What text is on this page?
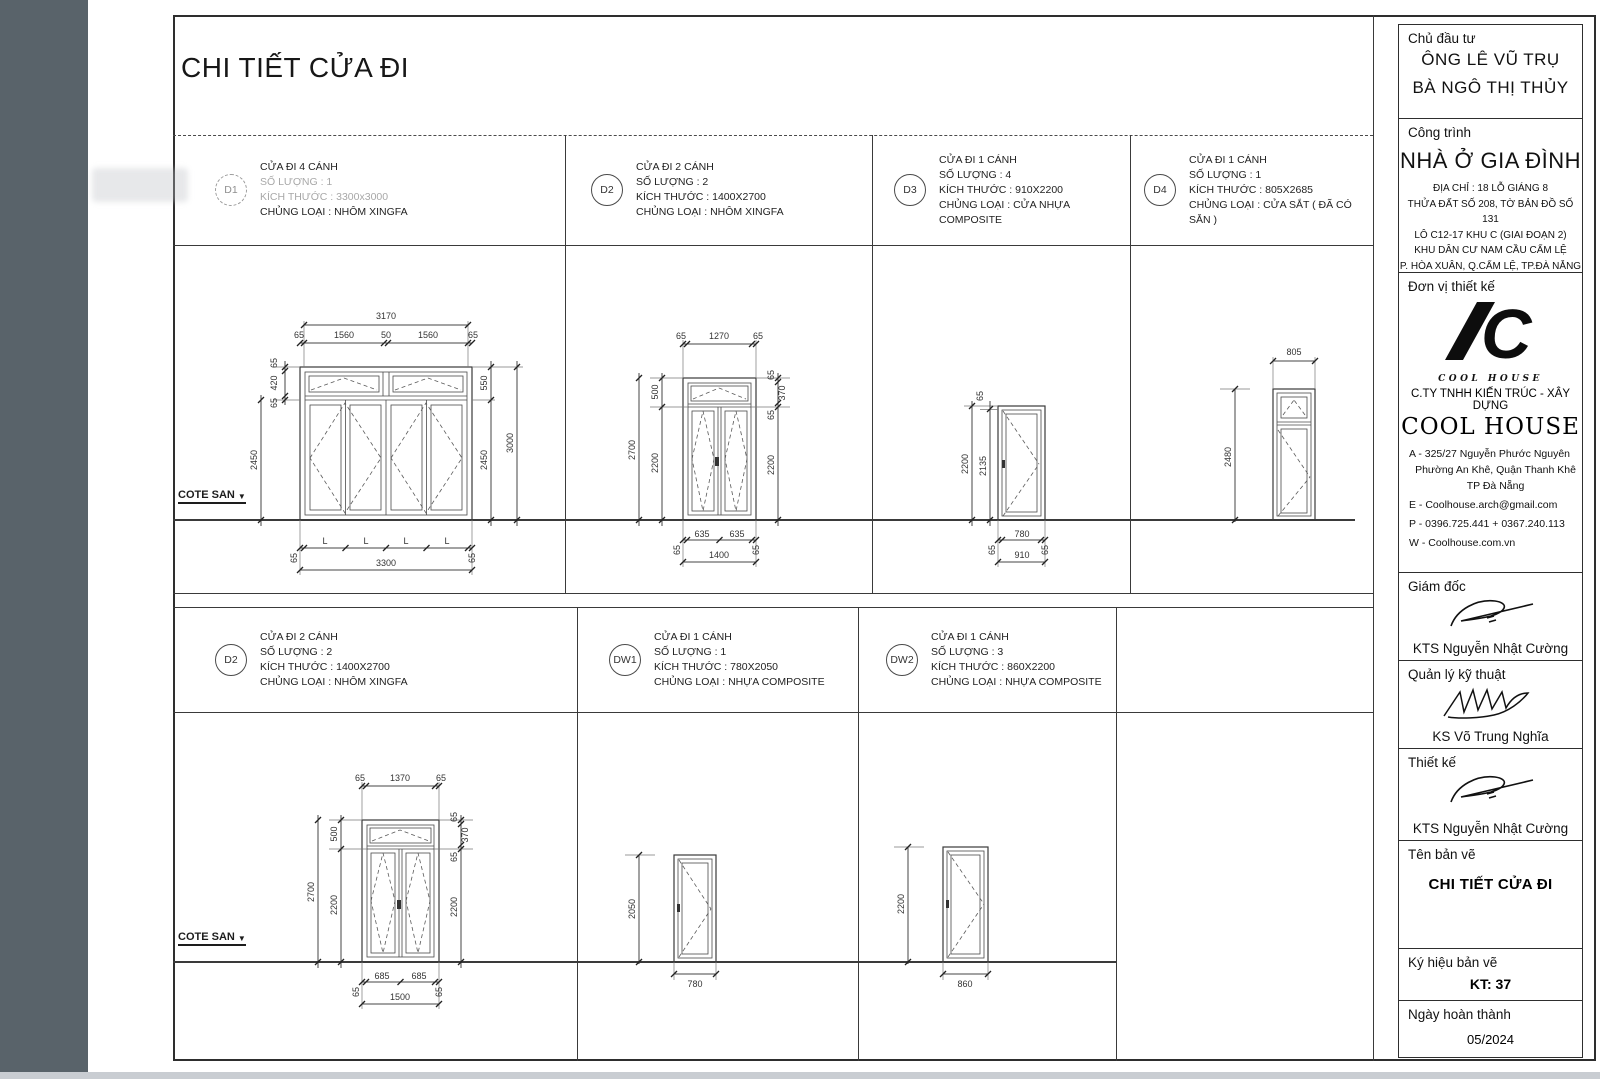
CHI TIẾT CỬA ĐI
COTE SAN ▼
COTE SAN ▼
D1
CỬA ĐI 4 CÁNH
SỐ LƯỢNG : 1
KÍCH THƯỚC : 3300x3000
CHỦNG LOẠI : NHÔM XINGFA
D2
CỬA ĐI 2 CÁNH
SỐ LƯỢNG : 2
KÍCH THƯỚC : 1400X2700
CHỦNG LOẠI : NHÔM XINGFA
D3
CỬA ĐI 1 CÁNH
SỐ LƯỢNG : 4
KÍCH THƯỚC : 910X2200
CHỦNG LOẠI : CỬA NHỰA COMPOSITE
D4
CỬA ĐI 1 CÁNH
SỐ LƯỢNG : 1
KÍCH THƯỚC : 805X2685
CHỦNG LOẠI : CỬA SẮT ( ĐÃ CÓ SẴN )
D2
CỬA ĐI 2 CÁNH
SỐ LƯỢNG : 2
KÍCH THƯỚC : 1400X2700
CHỦNG LOẠI : NHÔM XINGFA
DW1
CỬA ĐI 1 CÁNH
SỐ LƯỢNG : 1
KÍCH THƯỚC : 780X2050
CHỦNG LOẠI : NHỰA COMPOSITE
DW2
CỬA ĐI 1 CÁNH
SỐ LƯỢNG : 3
KÍCH THƯỚC : 860X2200
CHỦNG LOẠI : NHỰA COMPOSITE
3170
65	1560	50	1560	65
65
420
65
2450
550
2450
3000
65
L	L	L	L
65
3300
65	1270	65
500
2200
2700
65
370
65
2200
65
635 635
65
1400
2200 2135
65
65
780
65
910
805
2480
65	1370	65
500
2200
2700
65
370
65
2200
65
685 685
65
1500
2050
780
2200
860
Chủ đầu tư
ÔNG LÊ VŨ TRỤ
BÀ NGÔ THỊ THỦY
Công trình
NHÀ Ở GIA ĐÌNH
ĐỊA CHỈ : 18 LỖ GIÁNG 8
THỬA ĐẤT SỐ 208, TỜ BẢN ĐỒ SỐ 131
LÔ C12-17 KHU C (GIAI ĐOẠN 2)
KHU DÂN CƯ NAM CẦU CẨM LỆ
P. HÒA XUÂN, Q.CẨM LỆ, TP.ĐÀ NẴNG
Đơn vị thiết kế
C
COOL HOUSE
C.TY TNHH KIẾN TRÚC - XÂY DỰNG
COOL HOUSE
A - 325/27 Nguyễn Phước Nguyên
Phường An Khê, Quận Thanh Khê
TP Đà Nẵng
E - Coolhouse.arch@gmail.com
P - 0396.725.441 + 0367.240.113
W - Coolhouse.com.vn
Giám đốc
KTS Nguyễn Nhật Cường
Quản lý kỹ thuật
KS Võ Trung Nghĩa
Thiết kế
KTS Nguyễn Nhật Cường
Tên bản vẽ
CHI TIẾT CỬA ĐI
Ký hiệu bản vẽ
KT: 37
Ngày hoàn thành
05/2024
